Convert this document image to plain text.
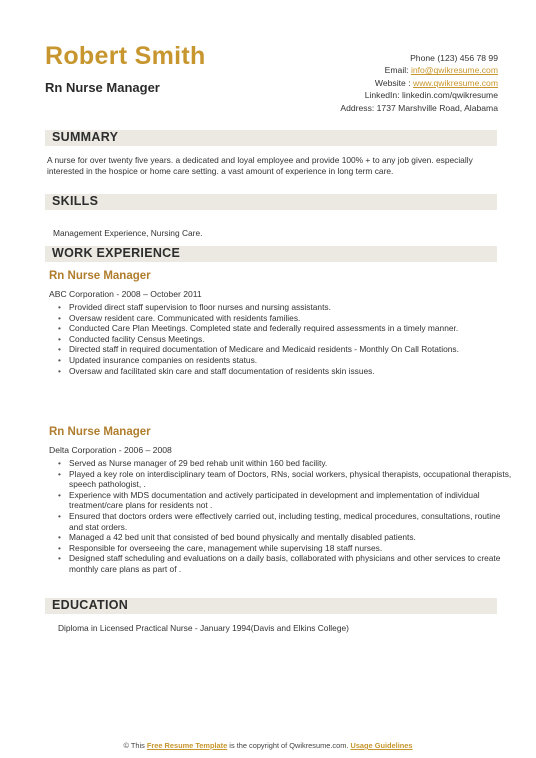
Robert Smith
Rn Nurse Manager
Phone (123) 456 78 99
Email: info@qwikresume.com
Website : www.qwikresume.com
LinkedIn: linkedin.com/qwikresume
Address: 1737 Marshville Road, Alabama
SUMMARY
A nurse for over twenty five years. a dedicated and loyal employee and provide 100% + to any job given. especially interested in the hospice or home care setting. a vast amount of experience in long term care.
SKILLS
Management Experience, Nursing Care.
WORK EXPERIENCE
Rn Nurse Manager
ABC Corporation - 2008 – October 2011
• Provided direct staff supervision to floor nurses and nursing assistants.
• Oversaw resident care. Communicated with residents families.
• Conducted Care Plan Meetings. Completed state and federally required assessments in a timely manner.
• Conducted facility Census Meetings.
• Directed staff in required documentation of Medicare and Medicaid residents - Monthly On Call Rotations.
• Updated insurance companies on residents status.
• Oversaw and facilitated skin care and staff documentation of residents skin issues.
Rn Nurse Manager
Delta Corporation - 2006 – 2008
• Served as Nurse manager of 29 bed rehab unit within 160 bed facility.
• Played a key role on interdisciplinary team of Doctors, RNs, social workers, physical therapists, occupational therapists, speech pathologist, .
• Experience with MDS documentation and actively participated in development and implementation of individual treatment/care plans for residents not .
• Ensured that doctors orders were effectively carried out, including testing, medical procedures, consultations, routine and stat orders.
• Managed a 42 bed unit that consisted of bed bound physically and mentally disabled patients.
• Responsible for overseeing the care, management while supervising 18 staff nurses.
• Designed staff scheduling and evaluations on a daily basis, collaborated with physicians and other services to create monthly care plans as part of .
EDUCATION
Diploma in Licensed Practical Nurse - January 1994(Davis and Elkins College)
© This Free Resume Template is the copyright of Qwikresume.com. Usage Guidelines
